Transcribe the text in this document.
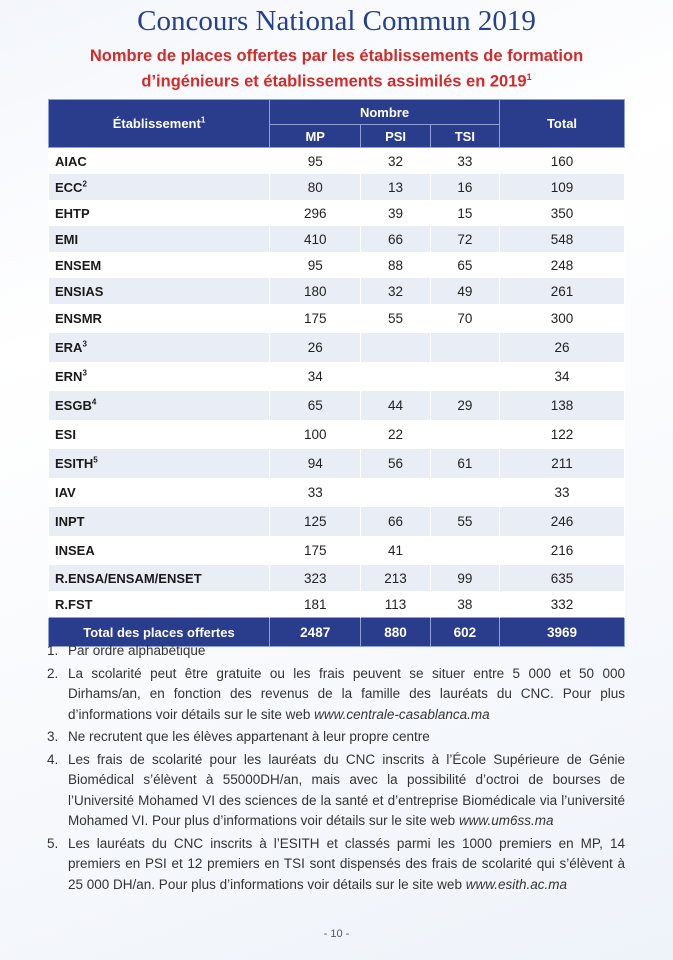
Concours National Commun 2019
Nombre de places offertes par les établissements de formation
d’ingénieurs et établissements assimilés en 2019$^1$
Établissement$^1$	Nombre			Total
	MP	PSI	TSI	
AIAC	95	32	33	160
ECC$^2$	80	13	16	109
EHTP	296	39	15	350
EMI	410	66	72	548
ENSEM	95	88	65	248
ENSIAS	180	32	49	261
ENSMR	175	55	70	300
ERA$^3$	26			26
ERN$^3$	34			34
ESGB$^4$	65	44	29	138
ESI	100	22		122
ESITH$^5$	94	56	61	211
IAV	33			33
INPT	125	66	55	246
INSEA	175	41		216
R.ENSA/ENSAM/ENSET	323	213	99	635
R.FST	181	113	38	332
Total des places offertes	2487	880	602	3969
1. Par ordre alphabétique
2. La scolarité peut être gratuite ou les frais peuvent se situer entre 5 000 et 50 000 Dirhams/an, en fonction des revenus de la famille des lauréats du CNC. Pour plus d’informations voir détails sur le site web www.centrale-casablanca.ma
3. Ne recrutent que les élèves appartenant à leur propre centre
4. Les frais de scolarité pour les lauréats du CNC inscrits à l’École Supérieure de Génie Biomédical s’élèvent à 55000DH/an, mais avec la possibilité d’octroi de bourses de l’Université Mohamed VI des sciences de la santé et d’entreprise Biomédicale via l’université Mohamed VI. Pour plus d’informations voir détails sur le site web www.um6ss.ma
5. Les lauréats du CNC inscrits à l’ESITH et classés parmi les 1000 premiers en MP, 14 premiers en PSI et 12 premiers en TSI sont dispensés des frais de scolarité qui s’élèvent à 25 000 DH/an. Pour plus d’informations voir détails sur le site web www.esith.ac.ma
- 10 -
